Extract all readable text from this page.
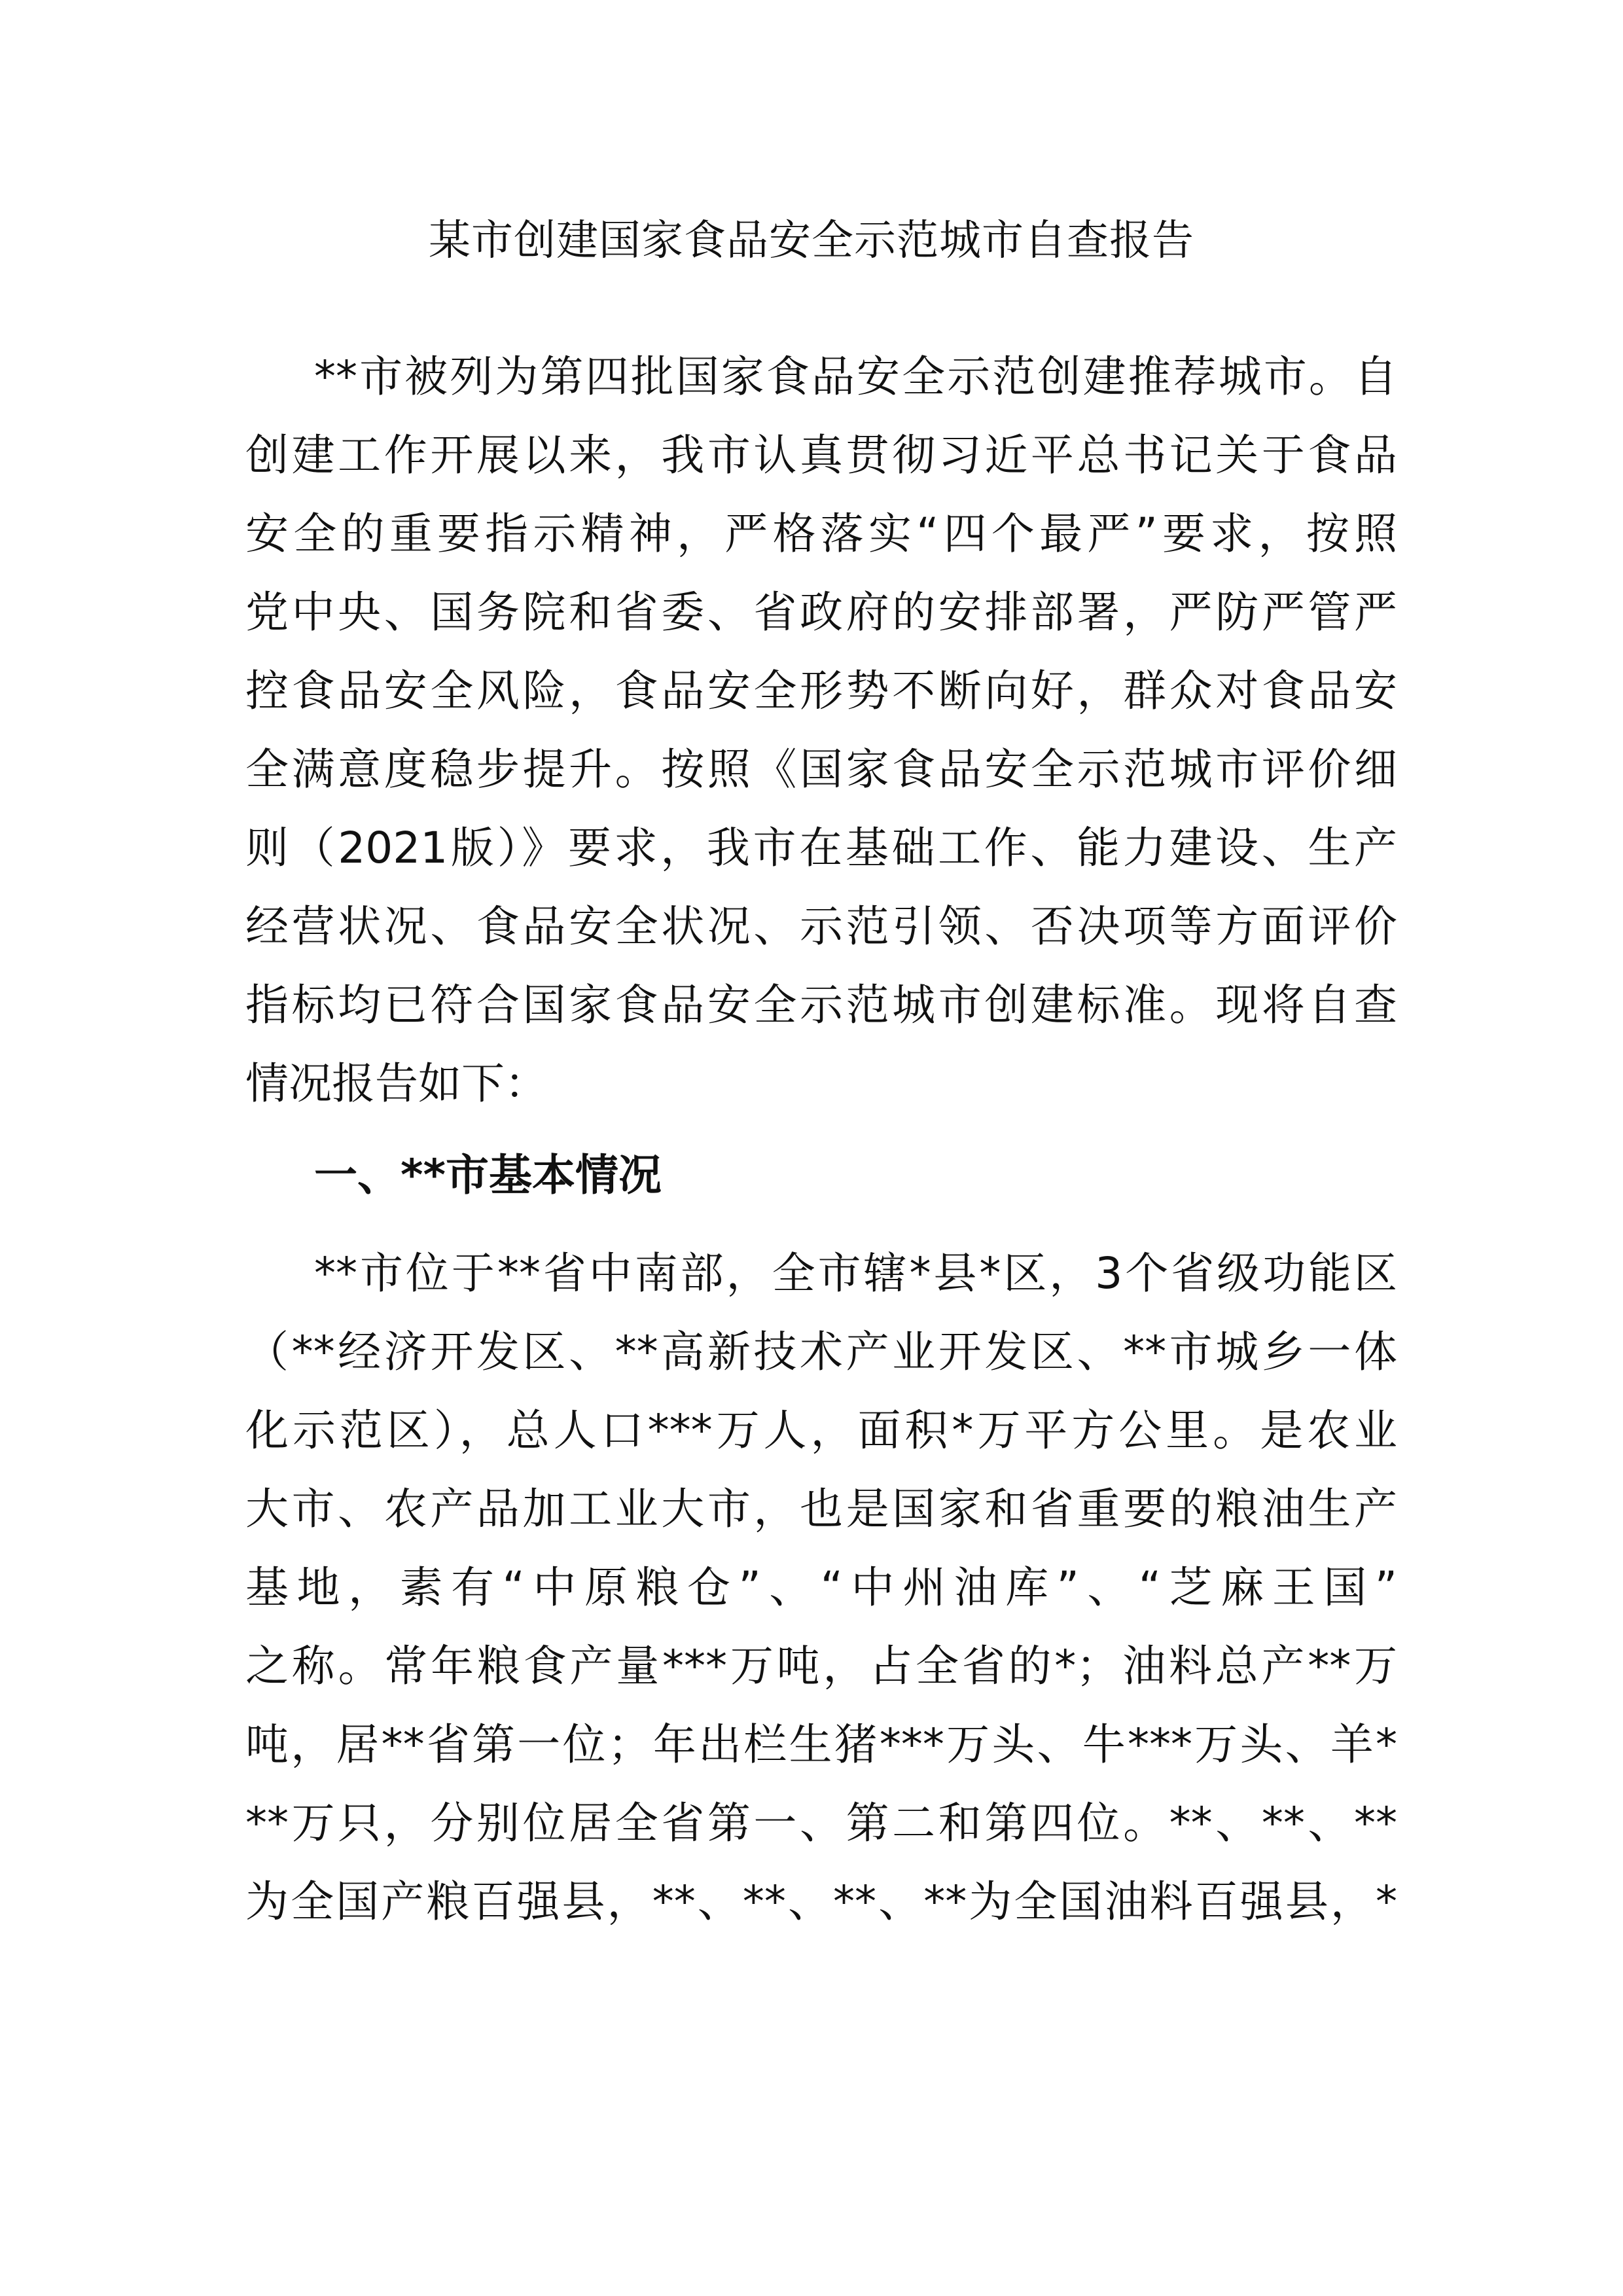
某市创建国家食品安全示范城市自查报告
**市被列为第四批国家食品安全示范创建推荐城市。自
创建工作开展以来，我市认真贯彻习近平总书记关于食品
安全的重要指示精神，严格落实“四个最严”要求，按照
党中央、国务院和省委、省政府的安排部署，严防严管严
控食品安全风险，食品安全形势不断向好，群众对食品安
全满意度稳步提升。按照《国家食品安全示范城市评价细
则（2021版）》要求，我市在基础工作、能力建设、生产
经营状况、食品安全状况、示范引领、否决项等方面评价
指标均已符合国家食品安全示范城市创建标准。现将自查
情况报告如下：
一、**市基本情况
**市位于**省中南部，全市辖*县*区，3个省级功能区
（**经济开发区、**高新技术产业开发区、**市城乡一体
化示范区），总人口***万人，面积*万平方公里。是农业
大市、农产品加工业大市，也是国家和省重要的粮油生产
基地，素有“中原粮仓”、“中州油库”、“芝麻王国”
之称。常年粮食产量***万吨，占全省的*；油料总产**万
吨，居**省第一位；年出栏生猪***万头、牛***万头、羊*
**万只，分别位居全省第一、第二和第四位。**、**、**
为全国产粮百强县，**、**、**、**为全国油料百强县，*
